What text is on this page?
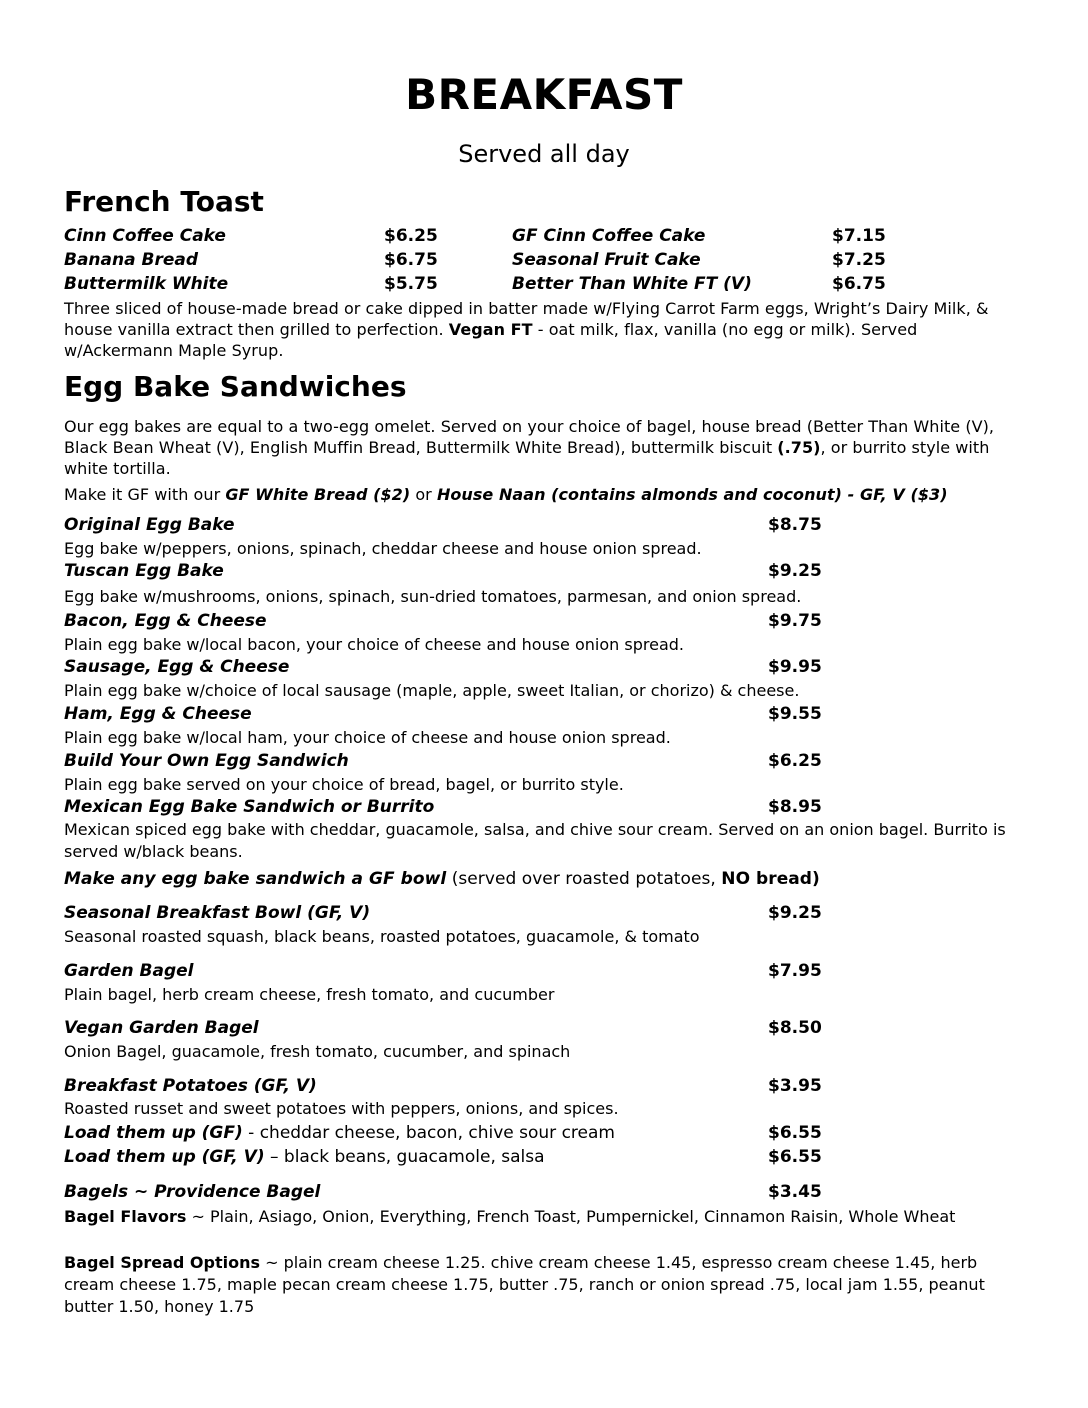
BREAKFAST
Served all day
French Toast
Cinn Coffee Cake	$6.25	GF Cinn Coffee Cake	$7.15
Banana Bread	$6.75	Seasonal Fruit Cake	$7.25
Buttermilk White	$5.75	Better Than White FT (V)	$6.75
Three sliced of house-made bread or cake dipped in batter made w/Flying Carrot Farm eggs, Wright’s Dairy Milk, & house vanilla extract then grilled to perfection. Vegan FT - oat milk, flax, vanilla (no egg or milk). Served w/Ackermann Maple Syrup.
Egg Bake Sandwiches
Our egg bakes are equal to a two-egg omelet. Served on your choice of bagel, house bread (Better Than White (V), Black Bean Wheat (V), English Muffin Bread, Buttermilk White Bread), buttermilk biscuit (.75), or burrito style with white tortilla.
Make it GF with our GF White Bread ($2) or House Naan (contains almonds and coconut) - GF, V ($3)
Original Egg Bake	$8.75
Egg bake w/peppers, onions, spinach, cheddar cheese and house onion spread.
Tuscan Egg Bake	$9.25
Egg bake w/mushrooms, onions, spinach, sun-dried tomatoes, parmesan, and onion spread.
Bacon, Egg & Cheese	$9.75
Plain egg bake w/local bacon, your choice of cheese and house onion spread.
Sausage, Egg & Cheese	$9.95
Plain egg bake w/choice of local sausage (maple, apple, sweet Italian, or chorizo) & cheese.
Ham, Egg & Cheese	$9.55
Plain egg bake w/local ham, your choice of cheese and house onion spread.
Build Your Own Egg Sandwich	$6.25
Plain egg bake served on your choice of bread, bagel, or burrito style.
Mexican Egg Bake Sandwich or Burrito	$8.95
Mexican spiced egg bake with cheddar, guacamole, salsa, and chive sour cream. Served on an onion bagel. Burrito is served w/black beans.
Make any egg bake sandwich a GF bowl (served over roasted potatoes, NO bread)
Seasonal Breakfast Bowl (GF, V)	$9.25
Seasonal roasted squash, black beans, roasted potatoes, guacamole, & tomato
Garden Bagel	$7.95
Plain bagel, herb cream cheese, fresh tomato, and cucumber
Vegan Garden Bagel	$8.50
Onion Bagel, guacamole, fresh tomato, cucumber, and spinach
Breakfast Potatoes (GF, V)	$3.95
Roasted russet and sweet potatoes with peppers, onions, and spices.
Load them up (GF) - cheddar cheese, bacon, chive sour cream	$6.55
Load them up (GF, V) – black beans, guacamole, salsa	$6.55
Bagels ~ Providence Bagel	$3.45
Bagel Flavors ~ Plain, Asiago, Onion, Everything, French Toast, Pumpernickel, Cinnamon Raisin, Whole Wheat
Bagel Spread Options ~ plain cream cheese 1.25. chive cream cheese 1.45, espresso cream cheese 1.45, herb cream cheese 1.75, maple pecan cream cheese 1.75, butter .75, ranch or onion spread .75, local jam 1.55, peanut butter 1.50, honey 1.75
